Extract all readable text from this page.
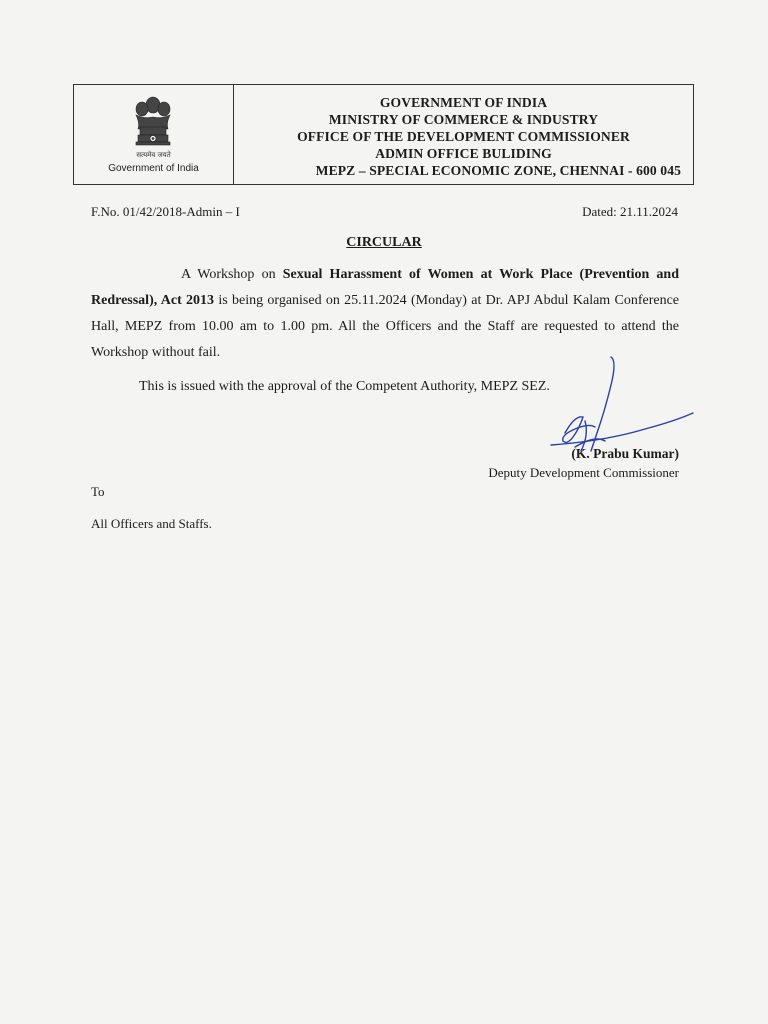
सत्यमेव जयते
Government of India
GOVERNMENT OF INDIA
MINISTRY OF COMMERCE & INDUSTRY
OFFICE OF THE DEVELOPMENT COMMISSIONER
ADMIN OFFICE BULIDING
MEPZ – SPECIAL ECONOMIC ZONE, CHENNAI - 600 045
F.No. 01/42/2018-Admin – I	Dated: 21.11.2024
CIRCULAR
A Workshop on Sexual Harassment of Women at Work Place (Prevention and Redressal), Act 2013 is being organised on 25.11.2024 (Monday) at Dr. APJ Abdul Kalam Conference Hall, MEPZ from 10.00 am to 1.00 pm. All the Officers and the Staff are requested to attend the Workshop without fail.
This is issued with the approval of the Competent Authority, MEPZ SEZ.
(K. Prabu Kumar)
Deputy Development Commissioner
To
All Officers and Staffs.
